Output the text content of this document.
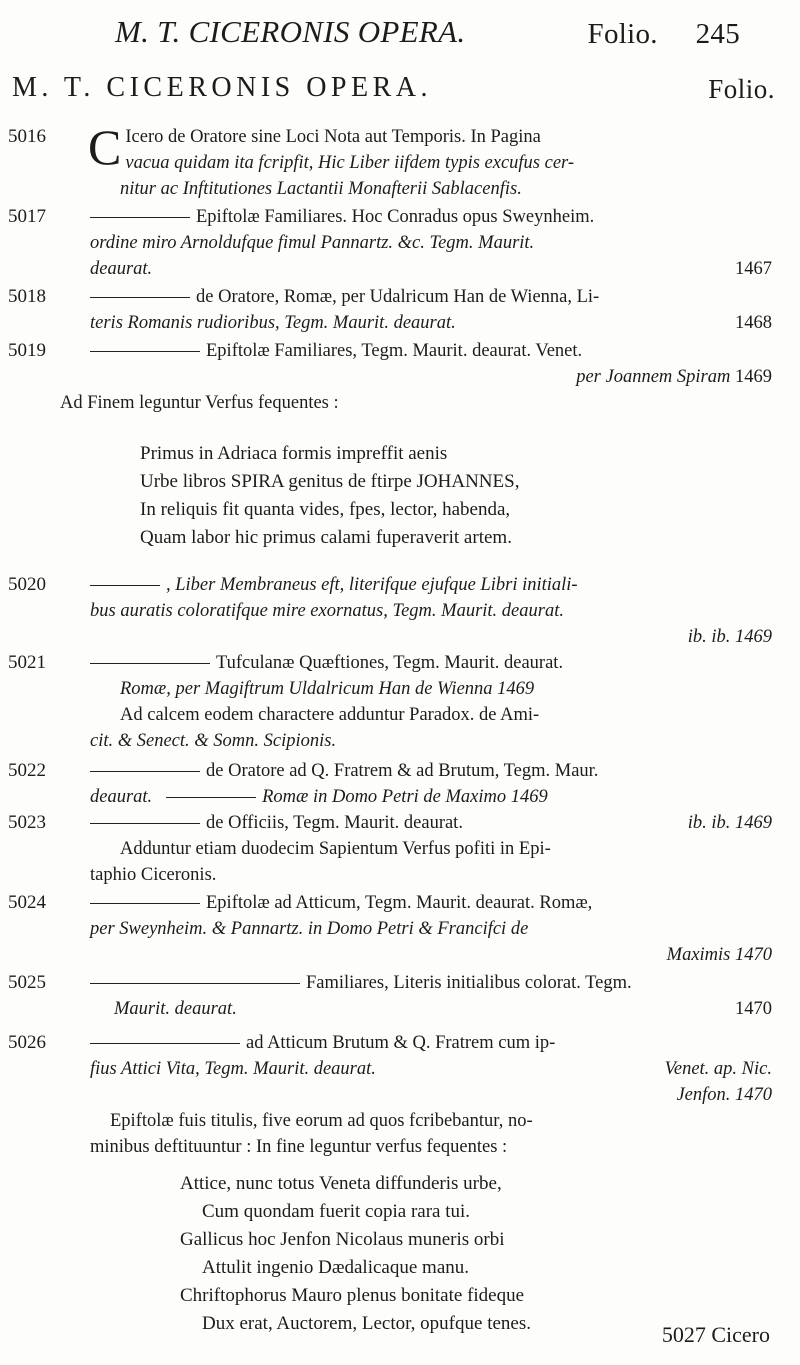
M. T. CICERONIS OPERA.	Folio. 245
M. T. CICERONIS OPERA.	Folio.
5016 C Icero de Oratore sine Loci Nota aut Temporis. In Pagina
vacua quidam ita fcripfit, Hic Liber iifdem typis excufus cer-
nitur ac Inftitutiones Lactantii Monafterii Sablacenfis.
5017	Epiftolæ Familiares. Hoc Conradus opus Sweynheim.
ordine miro Arnoldufque fimul Pannartz. &c. Tegm. Maurit.
deaurat.	1467
5018	de Oratore, Romæ, per Udalricum Han de Wienna, Li-
teris Romanis rudioribus, Tegm. Maurit. deaurat.	1468
5019	Epiftolæ Familiares, Tegm. Maurit. deaurat. Venet.
per Joannem Spiram 1469
Ad Finem leguntur Verfus fequentes :
Primus in Adriaca formis impreffit aenis
Urbe libros SPIRA genitus de ftirpe JOHANNES,
In reliquis fit quanta vides, fpes, lector, habenda,
Quam labor hic primus calami fuperaverit artem.
5020	, Liber Membraneus eft, literifque ejufque Libri initiali-
bus auratis coloratifque mire exornatus, Tegm. Maurit. deaurat.
ib. ib. 1469
5021	Tufculanæ Quæftiones, Tegm. Maurit. deaurat.
Romæ, per Magiftrum Uldalricum Han de Wienna 1469
Ad calcem eodem charactere adduntur Paradox. de Ami-
cit. & Senect. & Somn. Scipionis.
5022	de Oratore ad Q. Fratrem & ad Brutum, Tegm. Maur.
deaurat.	Romæ in Domo Petri de Maximo 1469
5023	de Officiis, Tegm. Maurit. deaurat.	ib. ib. 1469
Adduntur etiam duodecim Sapientum Verfus pofiti in Epi-
taphio Ciceronis.
5024	Epiftolæ ad Atticum, Tegm. Maurit. deaurat. Romæ,
per Sweynheim. & Pannartz. in Domo Petri & Francifci de
Maximis 1470
5025	Familiares, Literis initialibus colorat. Tegm.
Maurit. deaurat.	1470
5026	ad Atticum Brutum & Q. Fratrem cum ip-
fius Attici Vita, Tegm. Maurit. deaurat.	Venet. ap. Nic.
Jenfon. 1470
Epiftolæ fuis titulis, five eorum ad quos fcribebantur, no-
minibus deftituuntur : In fine leguntur verfus fequentes :
Attice, nunc totus Veneta diffunderis urbe,
Cum quondam fuerit copia rara tui.
Gallicus hoc Jenfon Nicolaus muneris orbi
Attulit ingenio Dædalicaque manu.
Chriftophorus Mauro plenus bonitate fideque
Dux erat, Auctorem, Lector, opufque tenes.	5027 Cicero
